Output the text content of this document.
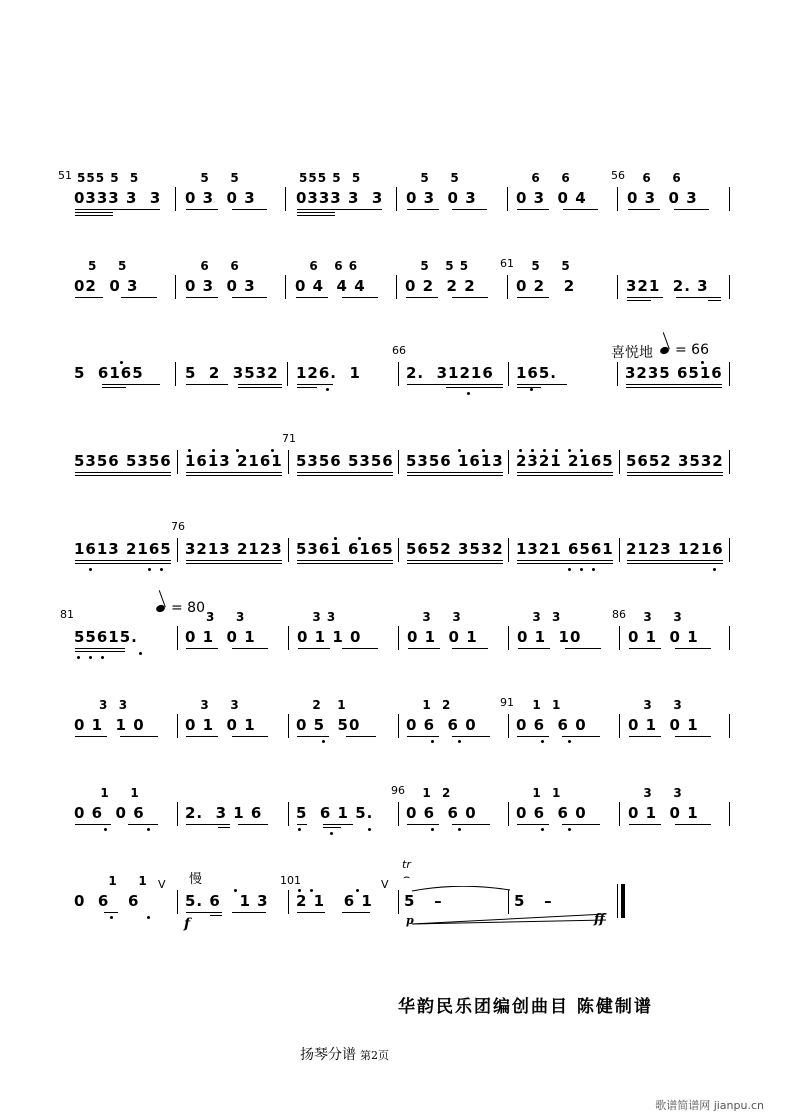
51 555 5  5
0333 3  3
5    5
0 3  0 3
555 5  5
0333 3  3
5    5
0 3  0 3
6    6
0 3  0 4
56 6    6
0 3  0 3
5    5
02  0 3
6    6
0 3  0 3
6   6 6
0 4  4 4
5   5 5
0 2  2 2
61 5    5
0 2   2	321  2. 3
喜悦地	= 66
5  6165	5  2  3532 126.  1
66
2.  31216 165.	3235 6516
5356 5356 1613 2161
71
5356 5356 5356 1613 2321 2165 5652 3532
1613 2165
76
3213 2123 5361 6165 5652 3532 1321 6561 2123 1216
81	= 80
55615.
3    3
0 1  0 1
3 3
0 1 1 0
3    3
0 1  0 1
3  3
0 1  10
86 3    3
0 1  0 1
3  3
0 1  1 0
3    3
0 1  0 1
2   1
0 5  50
1  2
0 6  6 0
91 1  1
0 6  6 0
3    3
0 1  0 1
1    1
0 6  0 6	2.  3 1 6 5  6 1 5.
96 1  2
0 6  6 0
1  1
0 6  6 0
3    3
0 1  0 1
1    1 V
0  6   6
慢
5. 6   1 3
f
101
2 1   6 1
V
tr
⌢
5   –
p
5   –
ff
华韵民乐团编创曲目 陈健制谱
扬琴分谱 第2页
歌谱简谱网 jianpu.cn
